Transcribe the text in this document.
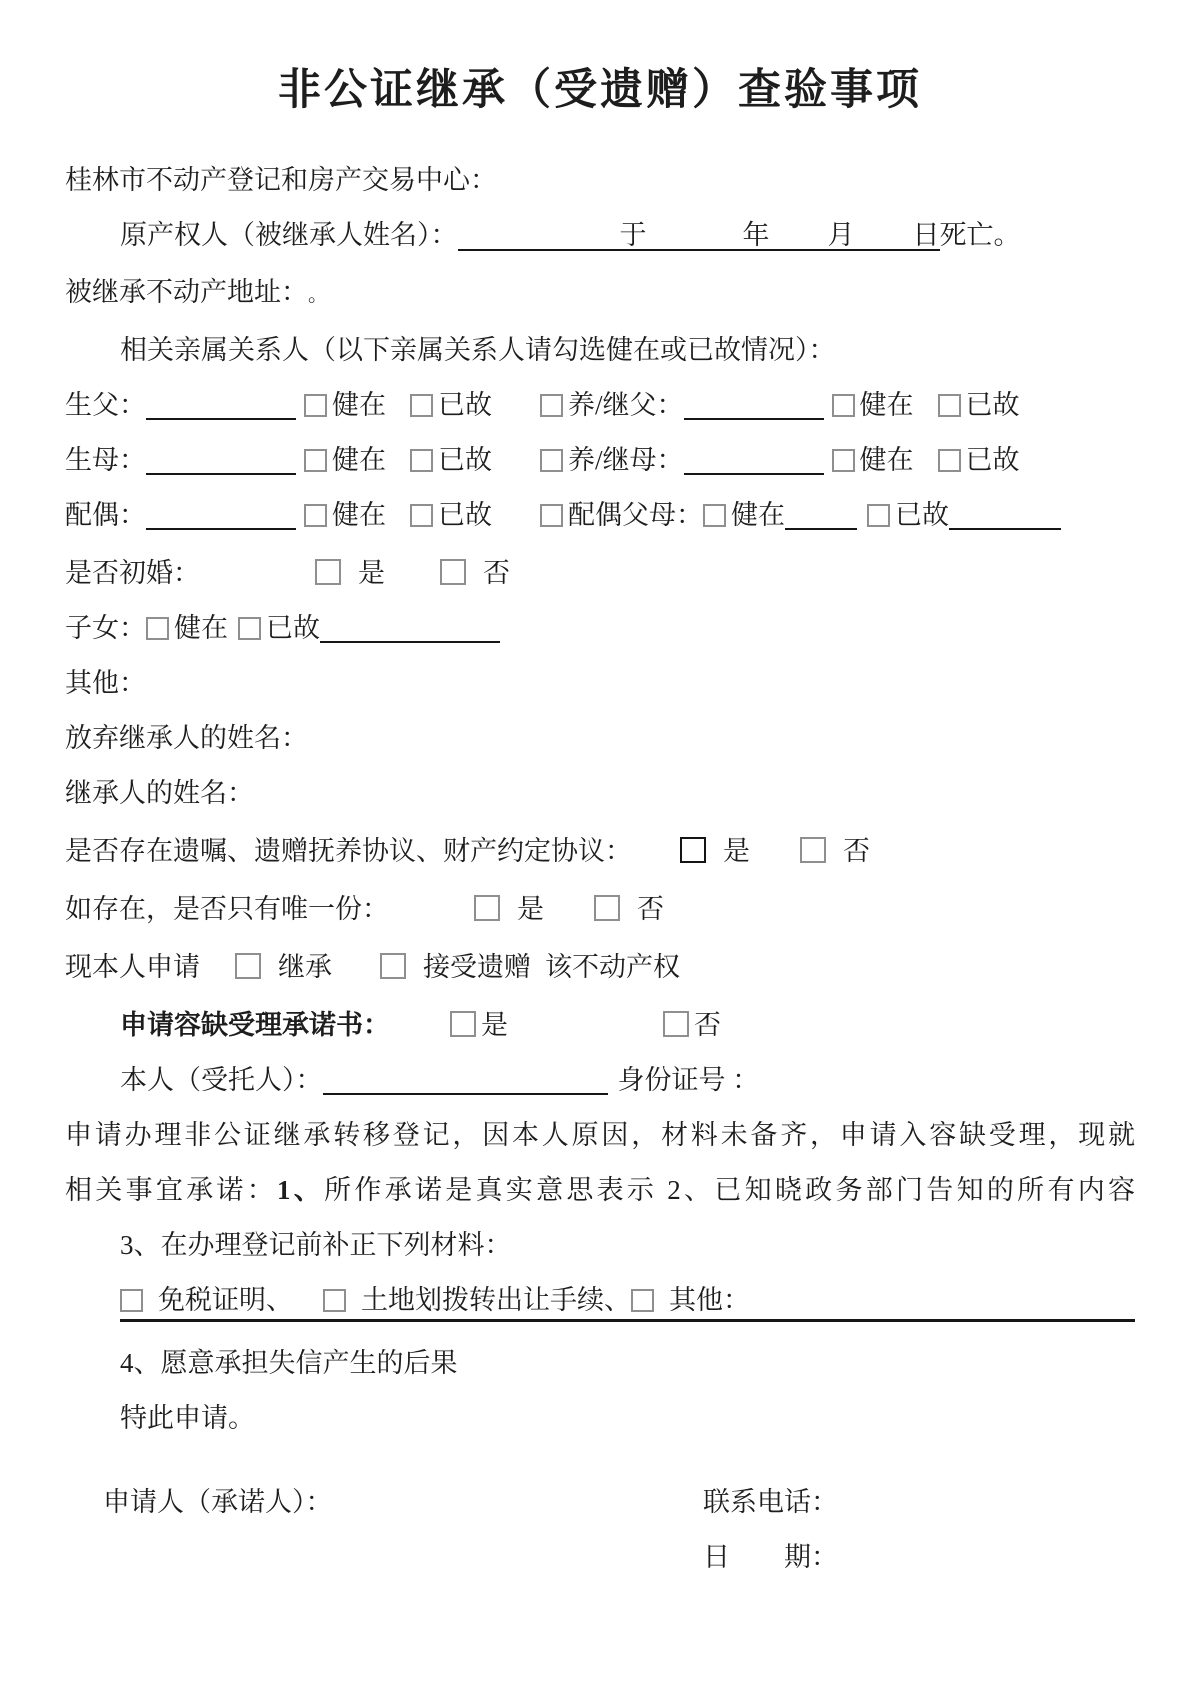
非公证继承（受遗赠）查验事项
桂林市不动产登记和房产交易中心：
原产权人（被继承人姓名）：	于	年 月 日 死亡。
被继承不动产地址： 。
相关亲属关系人（以下亲属关系人请勾选健在或已故情况）：
生父：	健在 已故	养/继父：	健在 已故
生母：	健在 已故	养/继母：	健在 已故
配偶：	健在 已故	配偶父母： 健在	已故
是否初婚：	是	否
子女： 健在 已故
其他：
放弃继承人的姓名：
继承人的姓名：
是否存在遗嘱、遗赠抚养协议、财产约定协议：	是	否
如存在，是否只有唯一份：	是	否
现本人申请	继承	接受遗赠 该不动产权
申请容缺受理承诺书：	是	否
本人（受托人）：	身份证号 ：
申请办理非公证继承转移登记，因本人原因，材料未备齐，申请入容缺受理，现就
相关事宜承诺：1、所作承诺是真实意思表示 2、已知晓政务部门告知的所有内容
3、在办理登记前补正下列材料：
免税证明、	土地划拨转出让手续、 其他：
4、愿意承担失信产生的后果
特此申请。
申请人（承诺人）：	联系电话：
日　　期：
